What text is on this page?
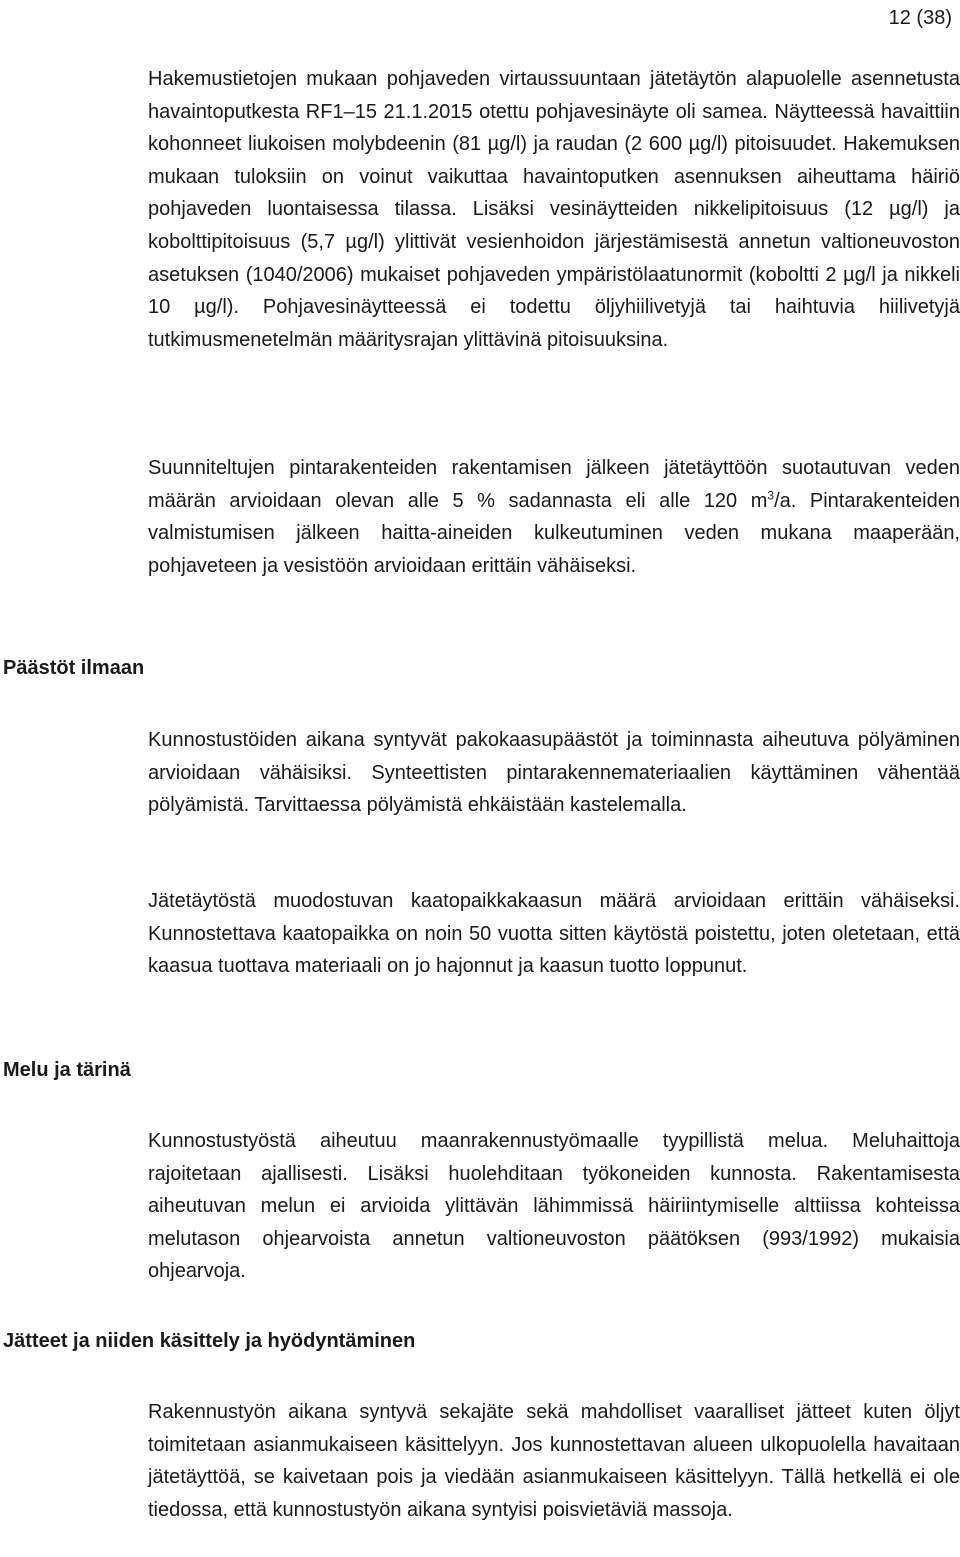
12 (38)

Hakemustietojen mukaan pohjaveden virtaussuuntaan jätetäytön alapuolelle asennetusta havaintoputkesta RF1–15 21.1.2015 otettu pohjavesinäyte oli samea. Näytteessä havaittiin kohonneet liukoisen molybdeenin (81 µg/l) ja raudan (2 600 µg/l) pitoisuudet. Hakemuksen mukaan tuloksiin on voinut vaikuttaa havaintoputken asennuksen aiheuttama häiriö pohjaveden luontaisessa tilassa. Lisäksi vesinäytteiden nikkelipitoisuus (12 µg/l) ja kobolttipitoisuus (5,7 µg/l) ylittivät vesienhoidon järjestämisestä annetun valtioneuvoston asetuksen (1040/2006) mukaiset pohjaveden ympäristölaatunormit (koboltti 2 µg/l ja nikkeli 10 µg/l). Pohjavesinäytteessä ei todettu öljyhiilivetyjä tai haihtuvia hiilivetyjä tutkimusmenetelmän määritysrajan ylittävinä pitoisuuksina.

Suunniteltujen pintarakenteiden rakentamisen jälkeen jätetäyttöön suotautuvan veden määrän arvioidaan olevan alle 5 % sadannasta eli alle 120 $m^3/a$. Pintarakenteiden valmistumisen jälkeen haitta-aineiden kulkeutuminen veden mukana maaperään, pohjaveteen ja vesistöön arvioidaan erittäin vähäiseksi.

Päästöt ilmaan

Kunnostustöiden aikana syntyvät pakokaasupäästöt ja toiminnasta aiheutuva pölyäminen arvioidaan vähäisiksi. Synteettisten pintarakennemateriaalien käyttäminen vähentää pölyämistä. Tarvittaessa pölyämistä ehkäistään kastelemalla.

Jätetäytöstä muodostuvan kaatopaikkakaasun määrä arvioidaan erittäin vähäiseksi. Kunnostettava kaatopaikka on noin 50 vuotta sitten käytöstä poistettu, joten oletetaan, että kaasua tuottava materiaali on jo hajonnut ja kaasun tuotto loppunut.

Melu ja tärinä

Kunnostustyöstä aiheutuu maanrakennustyömaalle tyypillistä melua. Meluhaittoja rajoitetaan ajallisesti. Lisäksi huolehditaan työkoneiden kunnosta. Rakentamisesta aiheutuvan melun ei arvioida ylittävän lähimmissä häiriintymiselle alttiissa kohteissa melutason ohjearvoista annetun valtioneuvoston päätöksen (993/1992) mukaisia ohjearvoja.

Jätteet ja niiden käsittely ja hyödyntäminen

Rakennustyön aikana syntyvä sekajäte sekä mahdolliset vaaralliset jätteet kuten öljyt toimitetaan asianmukaiseen käsittelyyn. Jos kunnostettavan alueen ulkopuolella havaitaan jätetäyttöä, se kaivetaan pois ja viedään asianmukaiseen käsittelyyn. Tällä hetkellä ei ole tiedossa, että kunnostustyön aikana syntyisi poisvietäviä massoja.
